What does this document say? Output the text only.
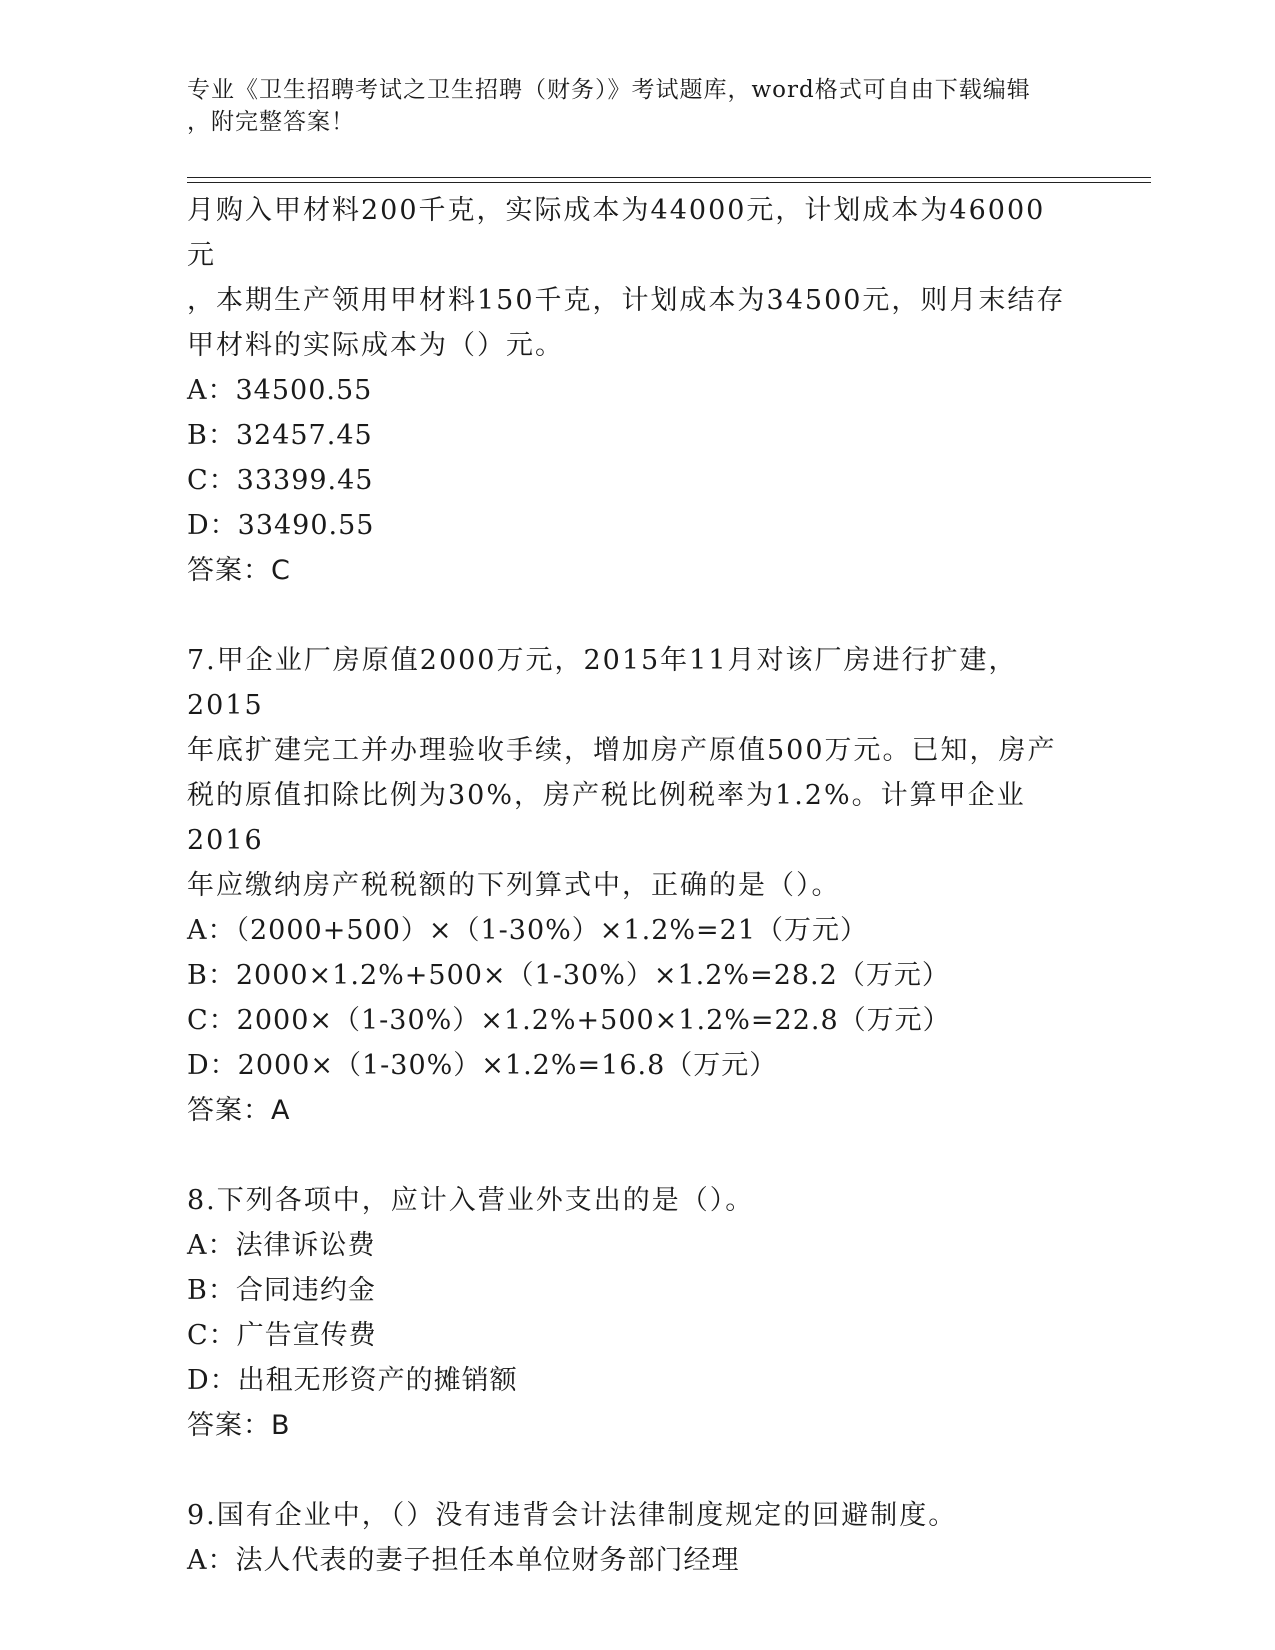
专业《卫生招聘考试之卫生招聘（财务）》考试题库，word格式可自由下载编辑

，附完整答案！

月购入甲材料200千克，实际成本为44000元，计划成本为46000元

，本期生产领用甲材料150千克，计划成本为34500元，则月末结存

甲材料的实际成本为（）元。

A：34500.55

B：32457.45

C：33399.45

D：33490.55

答案：C

7.甲企业厂房原值2000万元，2015年11月对该厂房进行扩建，2015

年底扩建完工并办理验收手续，增加房产原值500万元。已知，房产

税的原值扣除比例为30%，房产税比例税率为1.2%。计算甲企业2016

年应缴纳房产税税额的下列算式中，正确的是（）。

A：（2000+500）×（1-30%）×1.2%=21（万元）

B：2000×1.2%+500×（1-30%）×1.2%=28.2（万元）

C：2000×（1-30%）×1.2%+500×1.2%=22.8（万元）

D：2000×（1-30%）×1.2%=16.8（万元）

答案：A

8.下列各项中，应计入营业外支出的是（）。

A：法律诉讼费

B：合同违约金

C：广告宣传费

D：出租无形资产的摊销额

答案：B

9.国有企业中，（）没有违背会计法律制度规定的回避制度。

A：法人代表的妻子担任本单位财务部门经理
